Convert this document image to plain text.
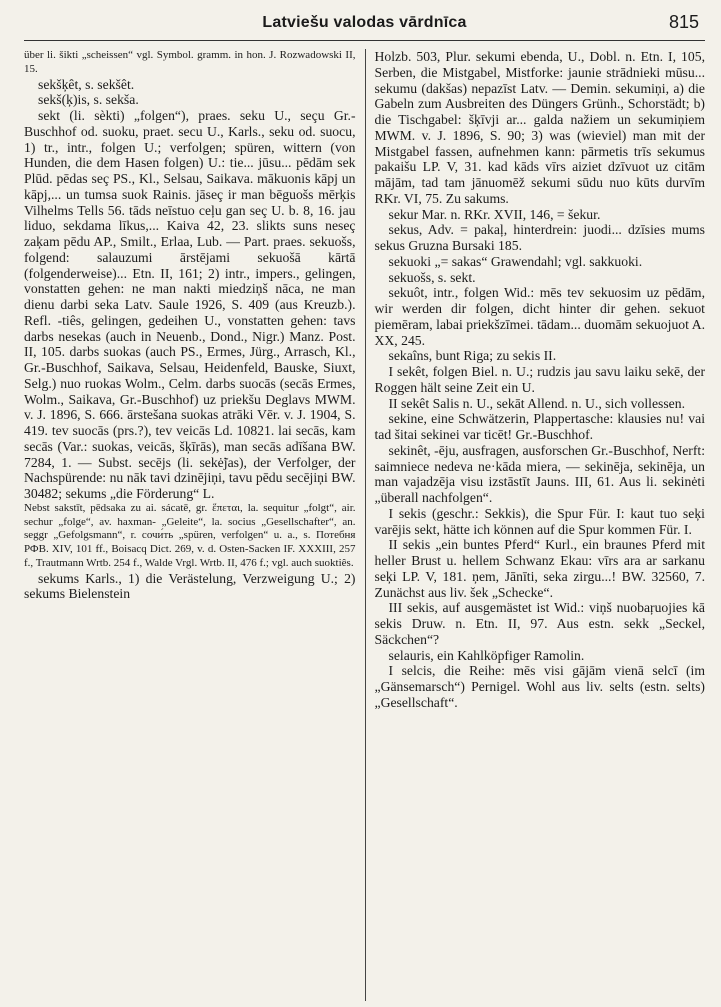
Latviešu valodas vārdnīca	815

über li. šikti „scheissen“ vgl. Symbol. gramm. in hon. J. Rozwadowski II, 15.

sekšķêt, s. sekšêt.

sekš(ķ)is, s. sekša.

sekt (li. sèkti) „folgen“), praes. seku U., seçu Gr.-Buschhof od. suoku, praet. secu U., Karls., seku od. suocu, 1) tr., intr., folgen U.; verfolgen; spüren, wittern (von Hunden, die dem Hasen folgen) U.: tie... jūsu... pēdām sek Plūd. pēdas seç PS., Kl., Selsau, Saikava. mākuonis kāpj un kāpj,... un tumsa suok Rainis. jāseç ir man bēguošs mērķis Vilhelms Tells 56. tāds neīstuo ceļu gan seç U. b. 8, 16. jau liduo, sekdama līkus,... Kaiva 42, 23. slikts suns neseç zaķam pēdu AP., Smilt., Erlaa, Lub. — Part. praes. sekuošs, folgend: salauzumi ārstējami sekuošā kārtā (folgenderweise)... Etn. II, 161; 2) intr., impers., gelingen, vonstatten gehen: ne man nakti miedziņš nāca, ne man dienu darbi seka Latv. Saule 1926, S. 409 (aus Kreuzb.). Refl. -tiês, gelingen, gedeihen U., vonstatten gehen: tavs darbs nesekas (auch in Neuenb., Dond., Nigr.) Manz. Post. II, 105. darbs suokas (auch PS., Ermes, Jürg., Arrasch, Kl., Gr.-Buschhof, Saikava, Selsau, Heidenfeld, Bauske, Siuxt, Selg.) nuo ruokas Wolm., Celm. darbs suocās (secās Ermes, Wolm., Saikava, Gr.-Buschhof) uz priekšu Deglavs MWM. v. J. 1896, S. 666. ārstešana suokas atrāki Vēr. v. J. 1904, S. 419. tev suocās (prs.?), tev veicās Ld. 10821. lai secās, kam secās (Var.: suokas, veicās, šķīrās), man secās adīšana BW. 7284, 1. — Subst. secējs (li. sekė̃jas), der Verfolger, der Nachspürende: nu nāk tavi dzinējiņi, tavu pēdu secējiņi BW. 30482; sekums „die Förderung“ L.

Nebst sakstīt, pēdsaka zu ai. sácatē, gr. ἕπεται, la. sequitur „folgt“, air. sechur „folge“, av. haxman- „Geleite“, la. socius „Gesellschafter“, an. seggr „Gefolgsmann“, r. сочи́ть „spüren, verfolgen“ u. a., s. Потебня РФВ. XIV, 101 ff., Boisacq Dict. 269, v. d. Osten-Sacken IF. XXXIII, 257 f., Trautmann Wrtb. 254 f., Walde Vrgl. Wrtb. II, 476 f.; vgl. auch suoktiês.

sekums Karls., 1) die Verästelung, Verzweigung U.; 2) sekums Bielenstein

Holzb. 503, Plur. sekumi ebenda, U., Dobl. n. Etn. I, 105, Serben, die Mistgabel, Mistforke: jaunie strādnieki mūsu... sekumu (dakšas) nepazīst Latv. — Demin. sekumiņi, a) die Gabeln zum Ausbreiten des Düngers Grünh., Schorstädt; b) die Tischgabel: šķīvji ar... galda nažiem un sekumiņiem MWM. v. J. 1896, S. 90; 3) was (wieviel) man mit der Mistgabel fassen, aufnehmen kann: pārmetis trīs sekumus pakaišu LP. V, 31. kad kāds vīrs aiziet dzīvuot uz citām mājām, tad tam jānuomēž sekumi sūdu nuo kūts durvīm RKr. VI, 75. Zu sakums.

sekur Mar. n. RKr. XVII, 146, = šekur.

sekus, Adv. = pakaļ, hinterdrein: juodi... dzīsies mums sekus Gruzna Bursaki 185.

sekuoki „= sakas“ Grawendahl; vgl. sakkuoki.

sekuošs, s. sekt.

sekuôt, intr., folgen Wid.: mēs tev sekuosim uz pēdām, wir werden dir folgen, dicht hinter dir gehen. sekuot piemēram, labai priekšzīmei. tādam... duomām sekuojuot A. XX, 245.

sekaîns, bunt Riga; zu sekis II.

I sekêt, folgen Biel. n. U.; rudzis jau savu laiku sekē, der Roggen hält seine Zeit ein U.

II sekêt Salis n. U., sekāt Allend. n. U., sich vollessen.

sekine, eine Schwätzerin, Plappertasche: klausies nu! vai tad šitai sekinei var ticēt! Gr.-Buschhof.

sekinêt, -ēju, ausfragen, ausforschen Gr.-Buschhof, Nerft: saimniece nedeva ne·kāda miera, — sekinēja, sekinēja, un man vajadzēja visu izstāstīt Jauns. III, 61. Aus li. sekinėti „überall nachfolgen“.

I sekis (geschr.: Sekkis), die Spur Für. I: kaut tuo seķi varējis sekt, hätte ich können auf die Spur kommen Für. I.

II sekis „ein buntes Pferd“ Kurl., ein braunes Pferd mit heller Brust u. hellem Schwanz Ekau: vīrs ara ar sarkanu seķi LP. V, 181. ņem, Jānīti, seka zirgu...! BW. 32560, 7. Zunächst aus liv. šek „Schecke“.

III sekis, auf ausgemästet ist Wid.: viņš nuobaŗuojies kā sekis Druw. n. Etn. II, 97. Aus estn. sekk „Seckel, Säckchen“?

selauris, ein Kahlköpfiger Ramolin.

I selcis, die Reihe: mēs visi gājām vienā selcī (im „Gänsemarsch“) Pernigel. Wohl aus liv. selts (estn. selts) „Gesellschaft“.
